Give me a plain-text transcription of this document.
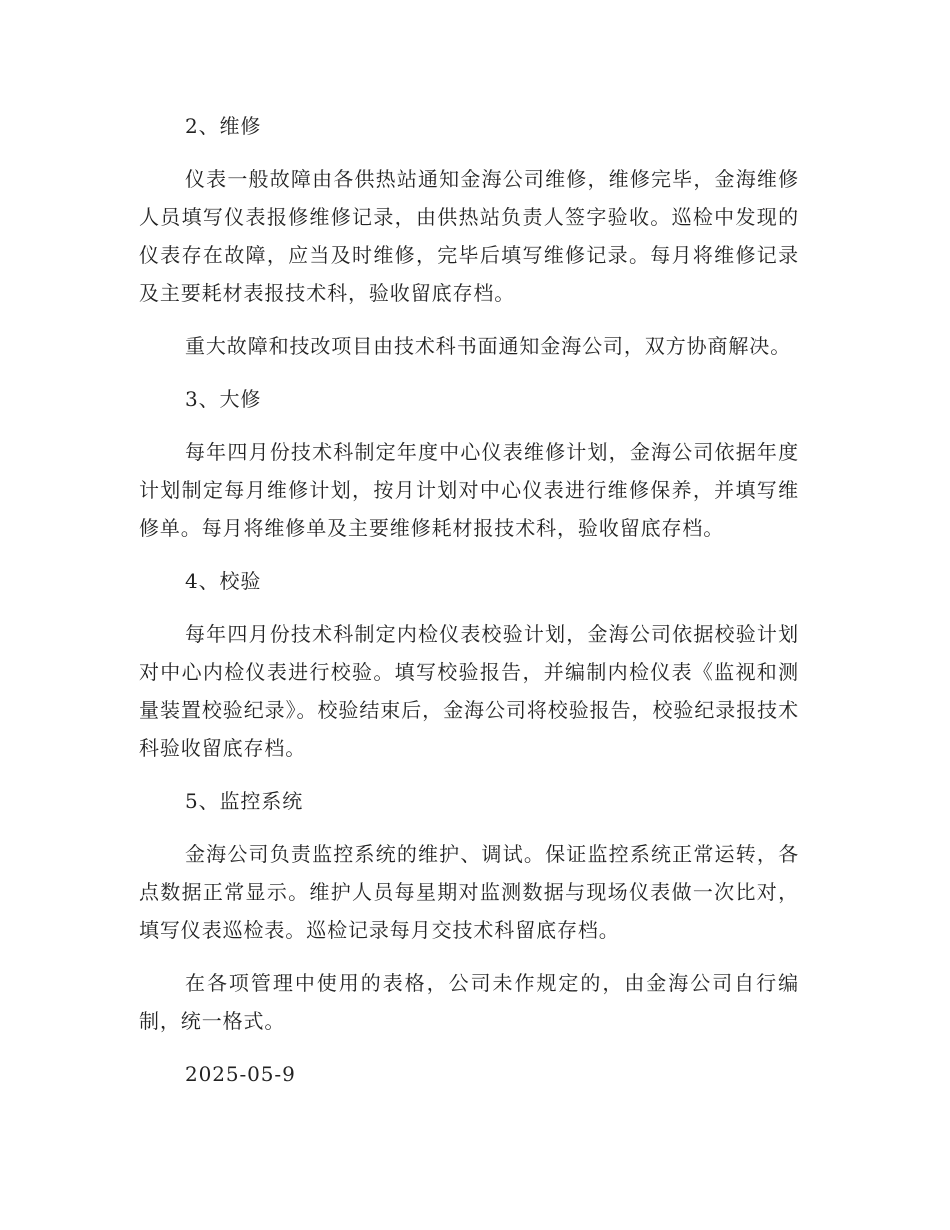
2、维修

仪表一般故障由各供热站通知金海公司维修，维修完毕，金海维修人员填写仪表报修维修记录，由供热站负责人签字验收。巡检中发现的仪表存在故障，应当及时维修，完毕后填写维修记录。每月将维修记录及主要耗材表报技术科，验收留底存档。

重大故障和技改项目由技术科书面通知金海公司，双方协商解决。

3、大修

每年四月份技术科制定年度中心仪表维修计划，金海公司依据年度计划制定每月维修计划，按月计划对中心仪表进行维修保养，并填写维修单。每月将维修单及主要维修耗材报技术科，验收留底存档。

4、校验

每年四月份技术科制定内检仪表校验计划，金海公司依据校验计划对中心内检仪表进行校验。填写校验报告，并编制内检仪表《监视和测量装置校验纪录》。校验结束后，金海公司将校验报告，校验纪录报技术科验收留底存档。

5、监控系统

金海公司负责监控系统的维护、调试。保证监控系统正常运转，各点数据正常显示。维护人员每星期对监测数据与现场仪表做一次比对，填写仪表巡检表。巡检记录每月交技术科留底存档。

在各项管理中使用的表格，公司未作规定的，由金海公司自行编制，统一格式。

2025-05-9
